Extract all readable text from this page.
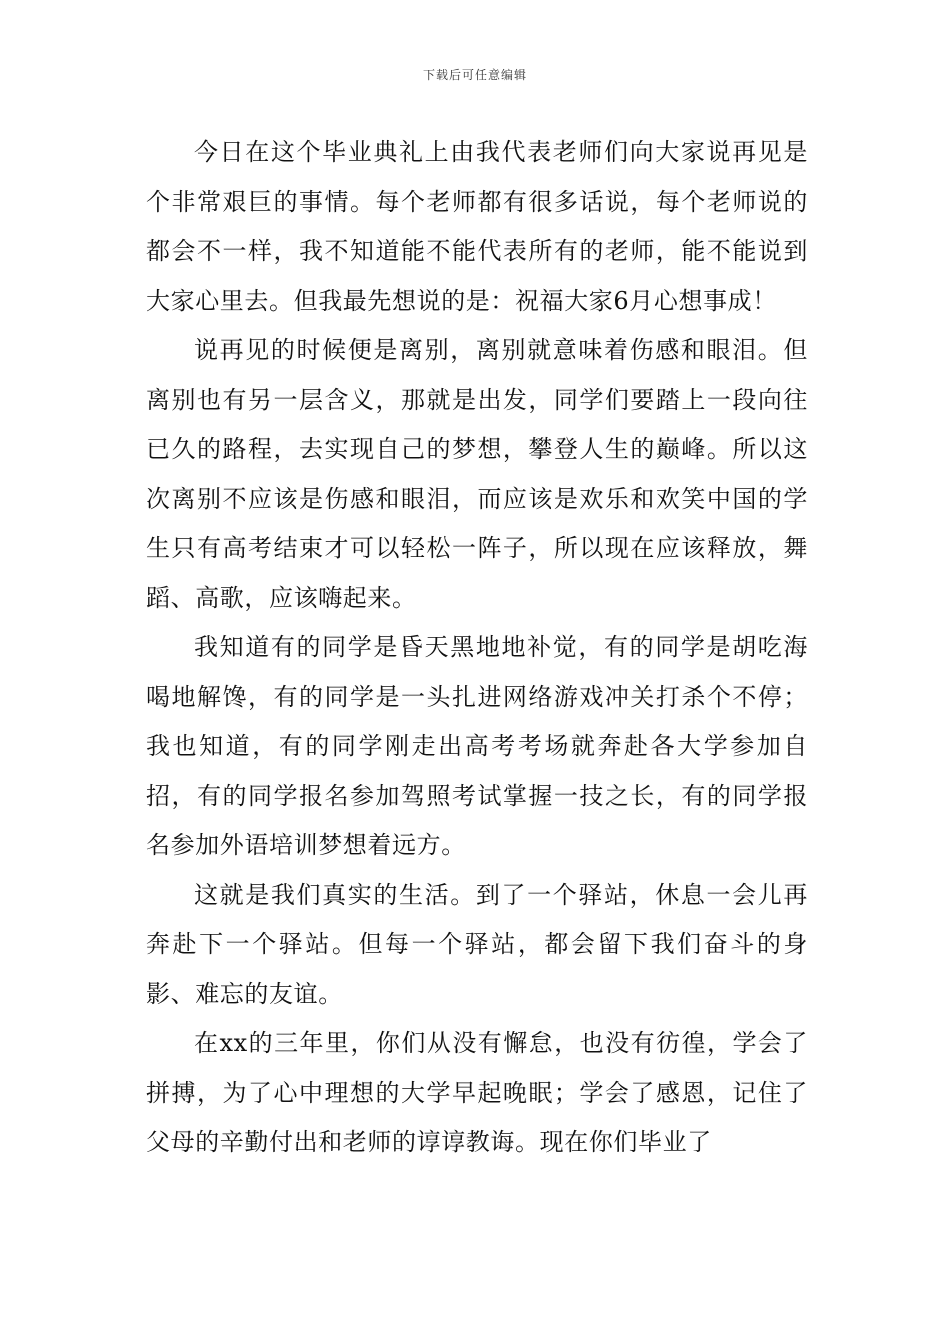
下载后可任意编辑

今日在这个毕业典礼上由我代表老师们向大家说再见是个非常艰巨的事情。每个老师都有很多话说，每个老师说的都会不一样，我不知道能不能代表所有的老师，能不能说到大家心里去。但我最先想说的是：祝福大家6月心想事成！

说再见的时候便是离别，离别就意味着伤感和眼泪。但离别也有另一层含义，那就是出发，同学们要踏上一段向往已久的路程，去实现自己的梦想，攀登人生的巅峰。所以这次离别不应该是伤感和眼泪，而应该是欢乐和欢笑中国的学生只有高考结束才可以轻松一阵子，所以现在应该释放，舞蹈、高歌，应该嗨起来。

我知道有的同学是昏天黑地地补觉，有的同学是胡吃海喝地解馋，有的同学是一头扎进网络游戏冲关打杀个不停；我也知道，有的同学刚走出高考考场就奔赴各大学参加自招，有的同学报名参加驾照考试掌握一技之长，有的同学报名参加外语培训梦想着远方。

这就是我们真实的生活。到了一个驿站，休息一会儿再奔赴下一个驿站。但每一个驿站，都会留下我们奋斗的身影、难忘的友谊。

在xx的三年里，你们从没有懈怠，也没有彷徨，学会了拼搏，为了心中理想的大学早起晚眠；学会了感恩，记住了父母的辛勤付出和老师的谆谆教诲。现在你们毕业了
